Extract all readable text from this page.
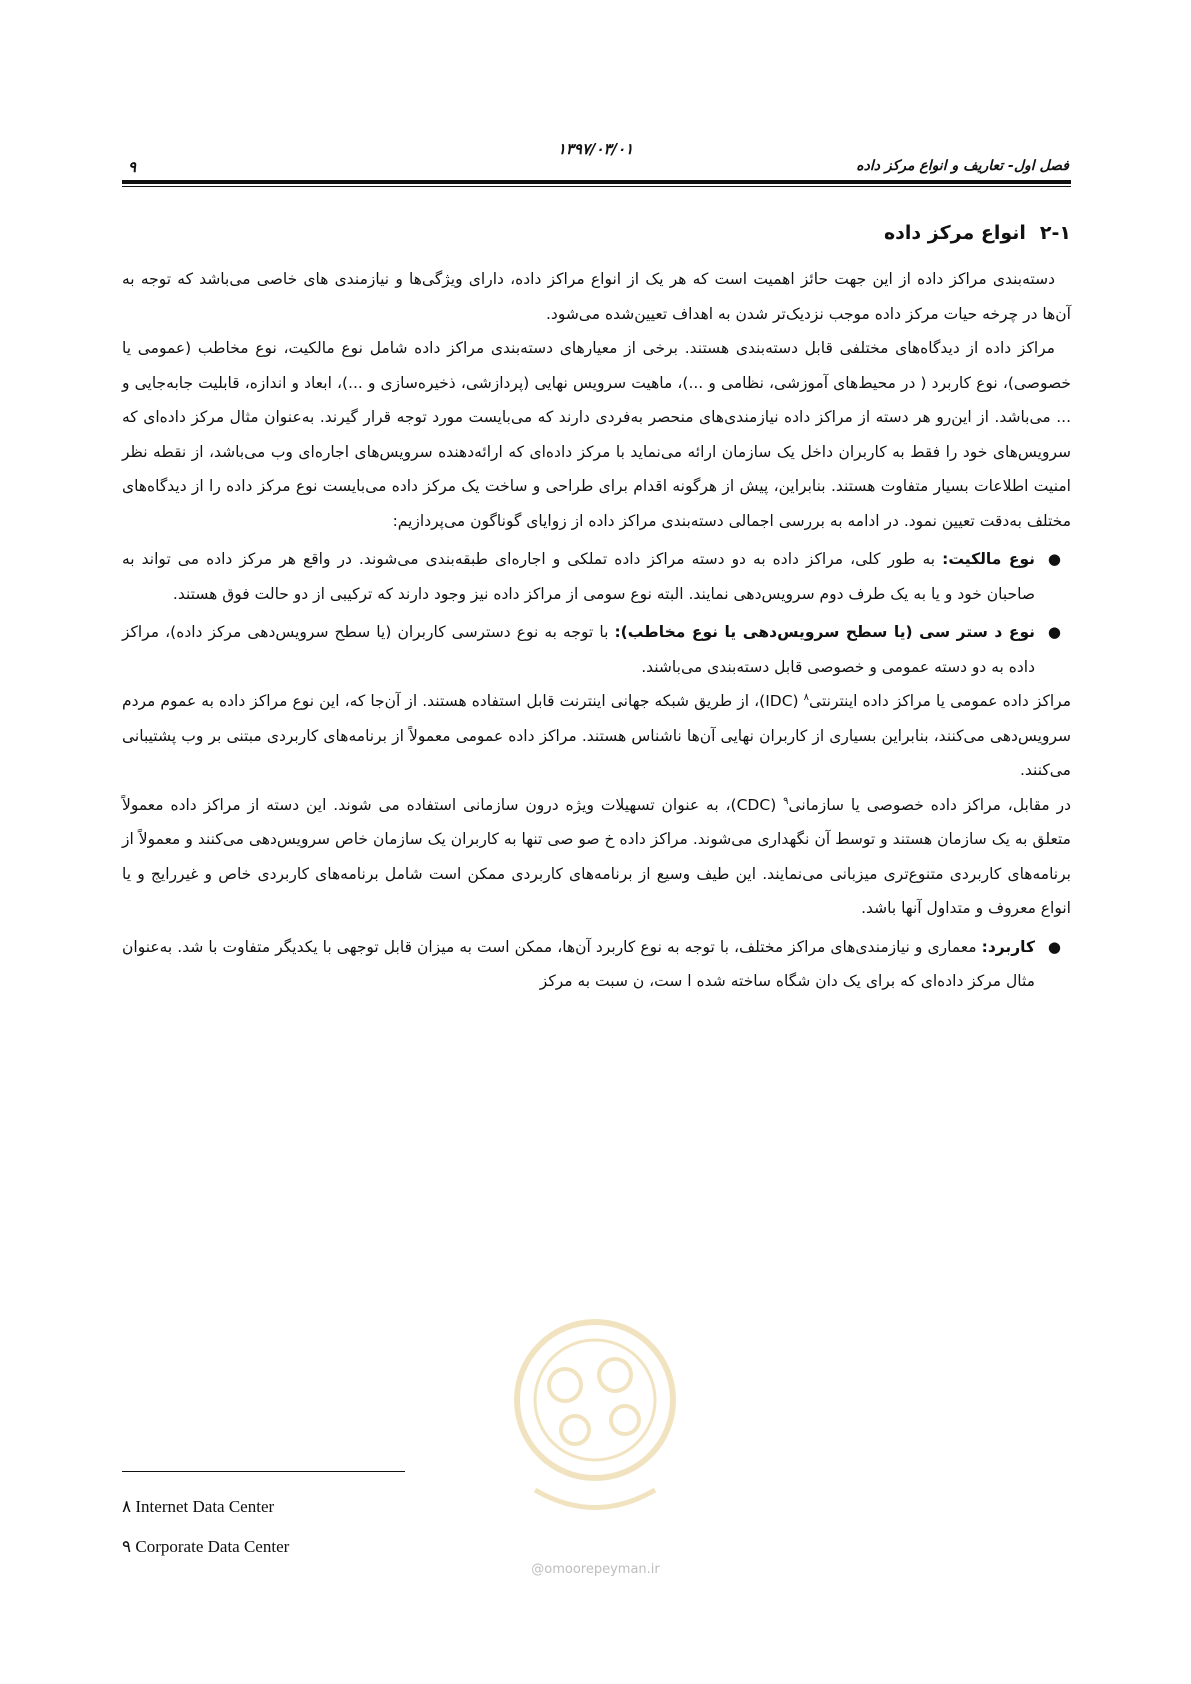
۱۳۹۷/۰۳/۰۱
فصل اول- تعاریف و انواع مرکز داده
۹
۲-۱انواع مرکز داده

دسته‌بندی مراکز داده از این جهت حائز اهمیت است که هر یک از انواع مراکز داده، دارای ویژگی‌ها و نیازمندی های خاصی می‌باشد که توجه به آن‌ها در چرخه حیات مرکز داده موجب نزدیک‌تر شدن به اهداف تعیین‌شده می‌شود.

مراکز داده از دیدگاه‌های مختلفی قابل دسته‌بندی هستند. برخی از معیارهای دسته‌بندی مراکز داده شامل نوع مالکیت، نوع مخاطب (عمومی یا خصوصی)، نوع کاربرد ( در محیط‌های آموزشی، نظامی و ...)، ماهیت سرویس نهایی (پردازشی، ذخیره‌سازی و ...)، ابعاد و اندازه، قابلیت جابه‌جایی و ... می‌باشد. از این‌رو هر دسته از مراکز داده نیازمندی‌های منحصر به‌فردی دارند که می‌بایست مورد توجه قرار گیرند. به‌عنوان مثال مرکز داده‌ای که سرویس‌های خود را فقط به کاربران داخل یک سازمان ارائه می‌نماید با مرکز داده‌ای که ارائه‌دهنده سرویس‌های اجاره‌ای وب می‌باشد، از نقطه نظر امنیت اطلاعات بسیار متفاوت هستند. بنابراین، پیش از هرگونه اقدام برای طراحی و ساخت یک مرکز داده می‌بایست نوع مرکز داده را از دیدگاه‌های مختلف به‌دقت تعیین نمود. در ادامه به بررسی اجمالی دسته‌بندی مراکز داده از زوایای گوناگون می‌پردازیم:

●
نوع مالکیت: به طور کلی، مراکز داده به دو دسته مراکز داده تملکی و اجاره‌ای طبقه‌بندی می‌شوند. در واقع هر مرکز داده می تواند به صاحبان خود و یا به یک طرف دوم سرویس‌دهی نمایند. البته نوع سومی از مراکز داده نیز وجود دارند که ترکیبی از دو حالت فوق هستند.
●
نوع د ستر سی (یا سطح سرویس‌دهی یا نوع مخاطب): با توجه به نوع دسترسی کاربران (یا سطح سرویس‌دهی مرکز داده)، مراکز داده به دو دسته عمومی و خصوصی قابل دسته‌بندی می‌باشند.

مراکز داده عمومی یا مراکز داده اینترنتی$^۸$ (IDC)، از طریق شبکه جهانی اینترنت قابل استفاده هستند. از آن‌جا که، این نوع مراکز داده به عموم مردم سرویس‌دهی می‌کنند، بنابراین بسیاری از کاربران نهایی آن‌ها ناشناس هستند. مراکز داده عمومی معمولاً از برنامه‌های کاربردی مبتنی بر وب پشتیبانی می‌کنند.

در مقابل، مراکز داده خصوصی یا سازمانی$^۹$ (CDC)، به عنوان تسهیلات ویژه درون سازمانی استفاده می شوند. این دسته از مراکز داده معمولاً متعلق به یک سازمان هستند و توسط آن نگهداری می‌شوند. مراکز داده خ صو صی تنها به کاربران یک سازمان خاص سرویس‌دهی می‌کنند و معمولاً از برنامه‌های کاربردی متنوع‌تری میزبانی می‌نمایند. این طیف وسیع از برنامه‌های کاربردی ممکن است شامل برنامه‌های کاربردی خاص و غیررایج و یا انواع معروف و متداول آنها باشد.

●
کاربرد: معماری و نیازمندی‌های مراکز مختلف، با توجه به نوع کاربرد آن‌ها، ممکن است به میزان قابل توجهی با یکدیگر متفاوت با شد. به‌عنوان مثال مرکز داده‌ای که برای یک دان شگاه ساخته شده ا ست، ن سبت به مرکز
۸ Internet Data Center
۹ Corporate Data Center
@omoorepeyman.ir
